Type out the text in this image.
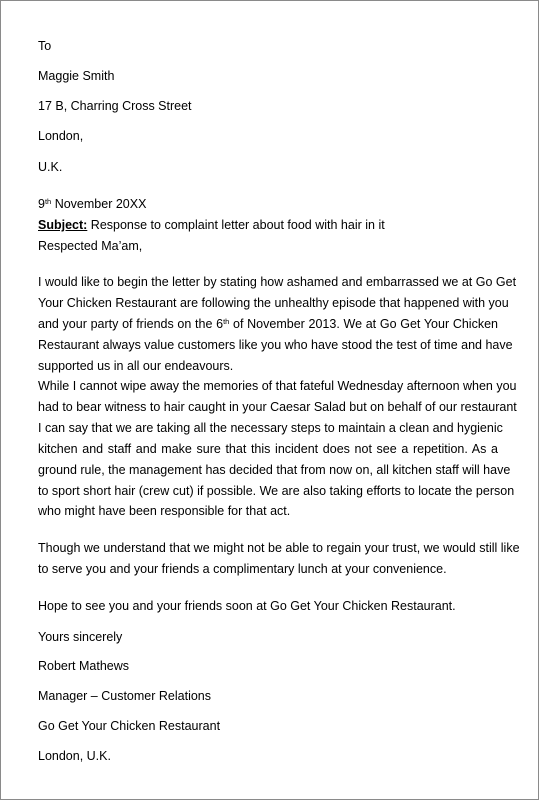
To

Maggie Smith

17 B, Charring Cross Street

London,

U.K.

9th November 20XX

Subject: Response to complaint letter about food with hair in it

Respected Ma’am,

I would like to begin the letter by stating how ashamed and embarrassed we at Go Get

Your Chicken Restaurant are following the unhealthy episode that happened with you

and your party of friends on the 6th of November 2013. We at Go Get Your Chicken

Restaurant always value customers like you who have stood the test of time and have

supported us in all our endeavours.

While I cannot wipe away the memories of that fateful Wednesday afternoon when you

had to bear witness to hair caught in your Caesar Salad but on behalf of our restaurant

I can say that we are taking all the necessary steps to maintain a clean and hygienic

kitchen and staff and make sure that this incident does not see a repetition. As a

ground rule, the management has decided that from now on, all kitchen staff will have

to sport short hair (crew cut) if possible. We are also taking efforts to locate the person

who might have been responsible for that act.

Though we understand that we might not be able to regain your trust, we would still like

to serve you and your friends a complimentary lunch at your convenience.

Hope to see you and your friends soon at Go Get Your Chicken Restaurant.

Yours sincerely

Robert Mathews

Manager – Customer Relations

Go Get Your Chicken Restaurant

London, U.K.
